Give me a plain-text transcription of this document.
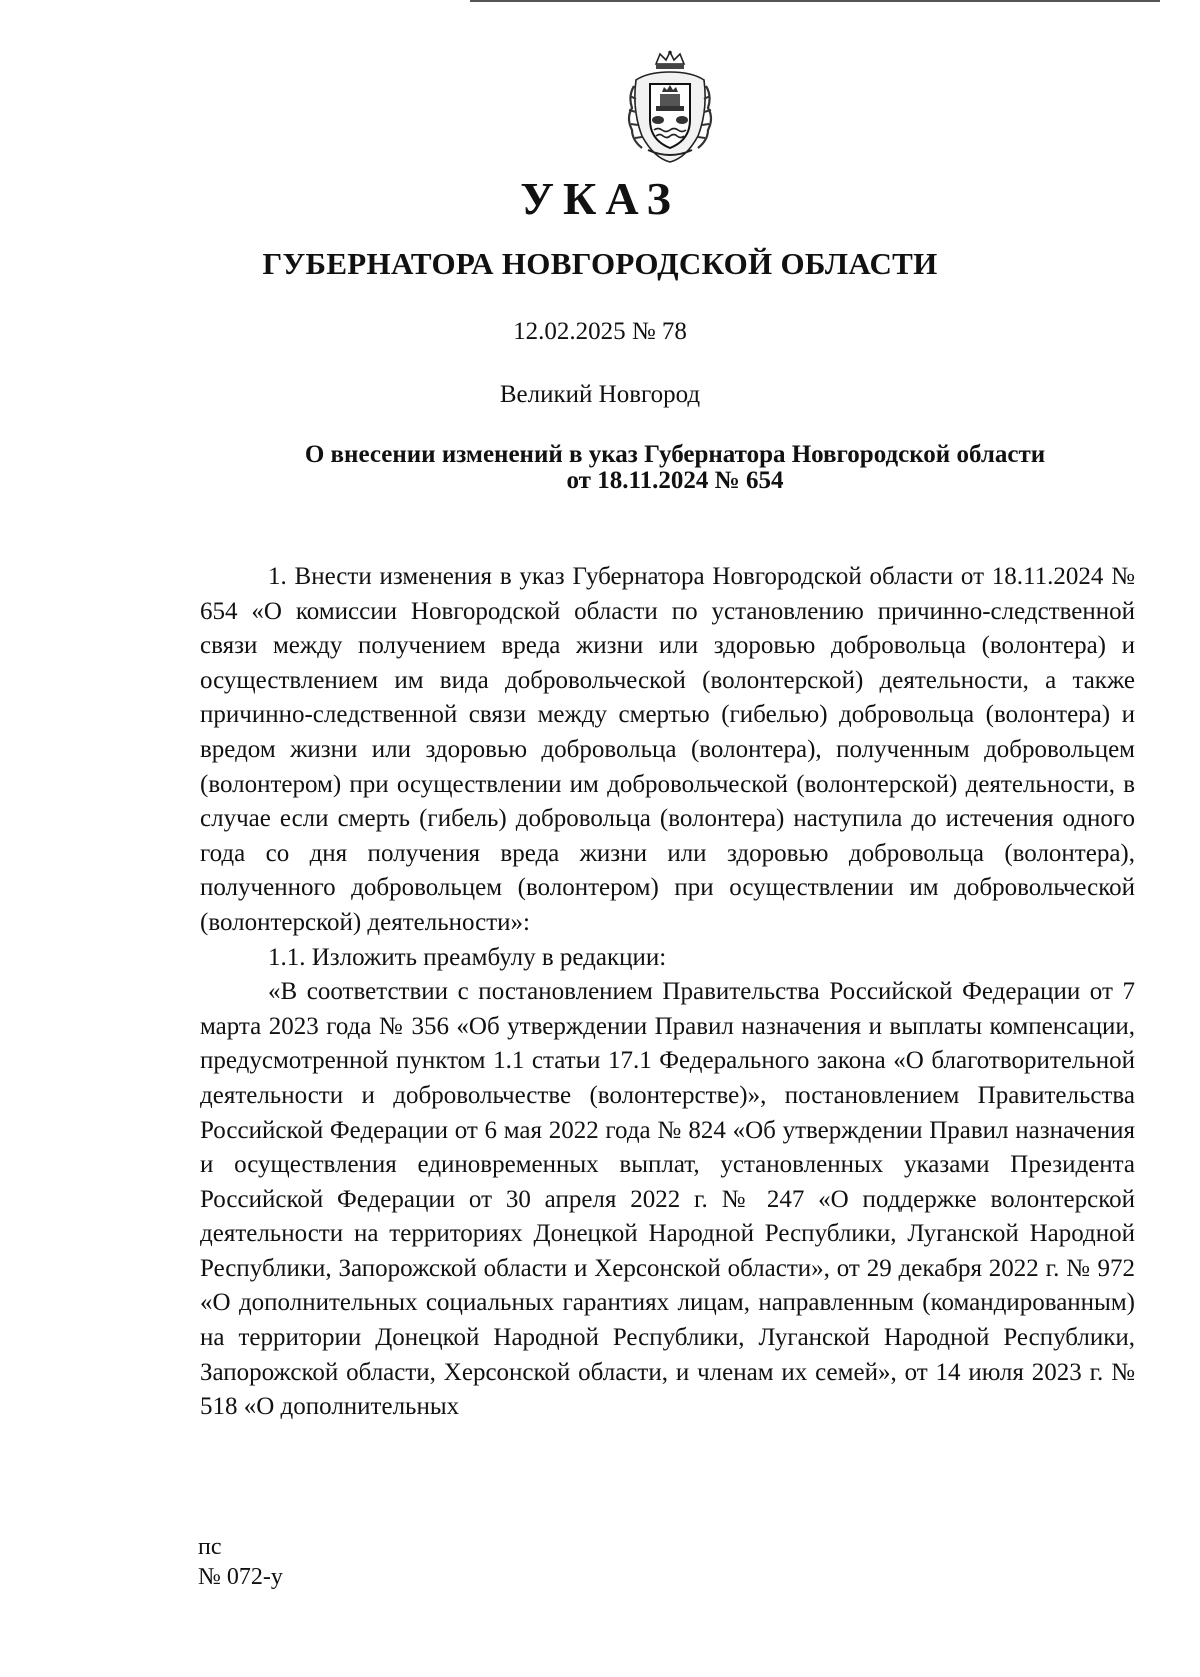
УКАЗ
ГУБЕРНАТОРА НОВГОРОДСКОЙ ОБЛАСТИ
12.02.2025 № 78
Великий Новгород
О внесении изменений в указ Губернатора Новгородской области
от 18.11.2024 № 654

1. Внести изменения в указ Губернатора Новгородской области от 18.11.2024 № 654 «О комиссии Новгородской области по установлению причинно-следственной связи между получением вреда жизни или здоровью добровольца (волонтера) и осуществлением им вида добровольческой (волонтерской) деятельности, а также причинно-следственной связи между смертью (гибелью) добровольца (волонтера) и вредом жизни или здоровью добровольца (волонтера), полученным добровольцем (волонтером) при осуществлении им добровольческой (волонтерской) деятельности, в случае если смерть (гибель) добровольца (волонтера) наступила до истечения одного года со дня получения вреда жизни или здоровью добровольца (волонтера), полученного добровольцем (волонтером) при осуществлении им добровольческой (волонтерской) деятельности»:

1.1. Изложить преамбулу в редакции:

«В соответствии с постановлением Правительства Российской Федерации от 7 марта 2023 года № 356 «Об утверждении Правил назначения и выплаты компенсации, предусмотренной пунктом 1.1 статьи 17.1 Федерального закона «О благотворительной деятельности и добровольчестве (волонтерстве)», постановлением Правительства Российской Федерации от 6 мая 2022 года № 824 «Об утверждении Правил назначения и осуществления единовременных выплат, установленных указами Президента Российской Федерации от 30 апреля 2022 г. № 247 «О поддержке волонтерской деятельности на территориях Донецкой Народной Республики, Луганской Народной Республики, Запорожской области и Херсонской области», от 29 декабря 2022 г. № 972 «О дополнительных социальных гарантиях лицам, направленным (командированным) на территории Донецкой Народной Республики, Луганской Народной Республики, Запорожской области, Херсонской области, и членам их семей», от 14 июля 2023 г. № 518 «О дополнительных

пс
№ 072-у
